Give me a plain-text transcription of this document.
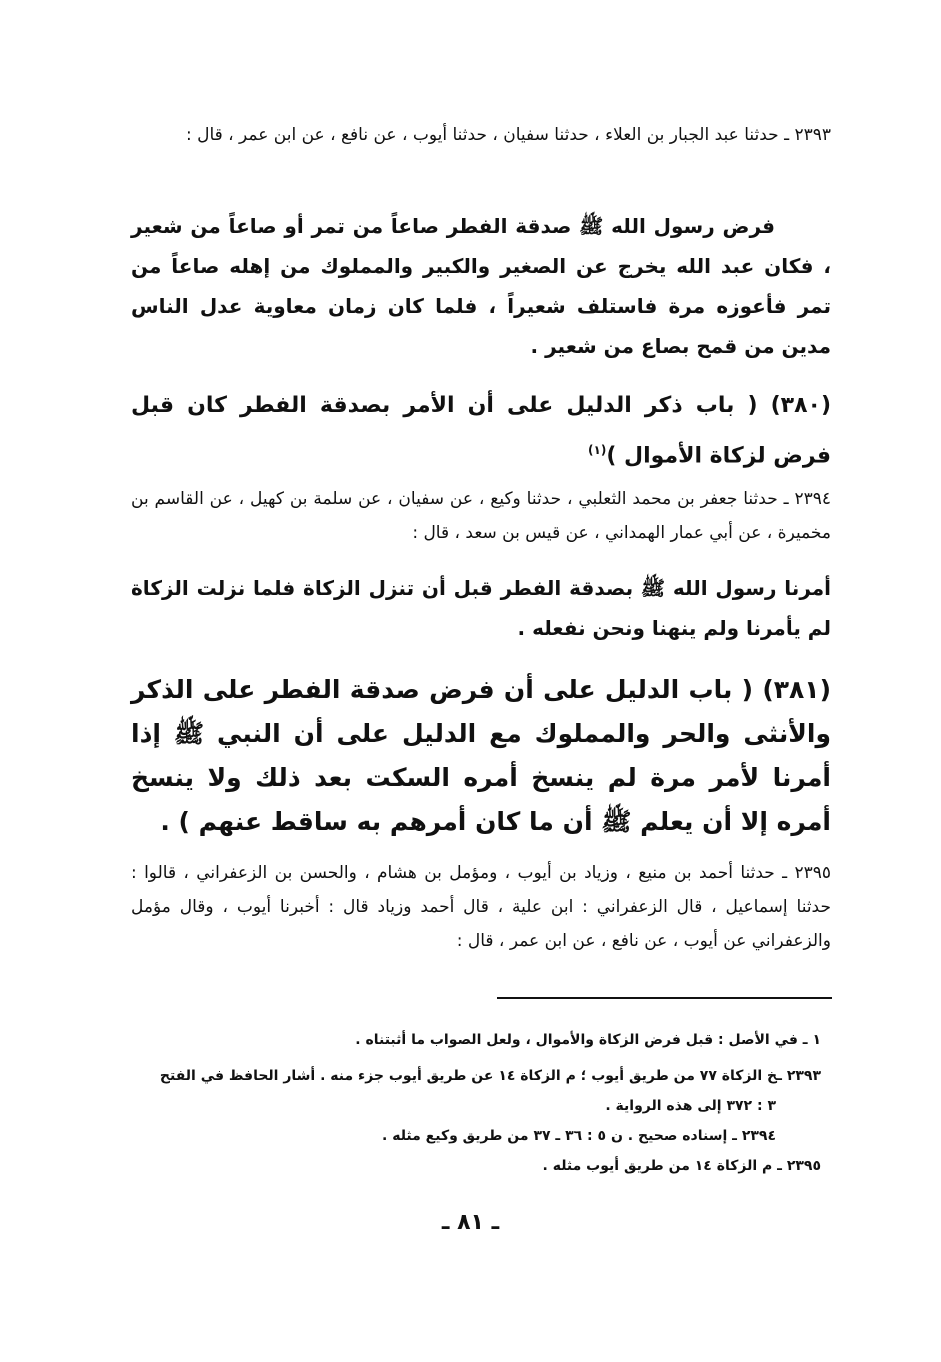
٢٣٩٣ ـ حدثنا عبد الجبار بن العلاء ، حدثنا سفيان ، حدثنا أيوب ، عن نافع ، عن ابن عمر ، قال :

فرض رسول الله ﷺ صدقة الفطر صاعاً من تمر أو صاعاً من شعير ، فكان عبد الله يخرج عن الصغير والكبير والمملوك من إهله صاعاً من تمر فأعوزه مرة فاستلف شعيراً ، فلما كان زمان معاوية عدل الناس مدين من قمح بصاع من شعير .

(٣٨٠) ( باب ذكر الدليل على أن الأمر بصدقة الفطر كان قبل فرض لزكاة الأموال )$^{(١)}$

٢٣٩٤ ـ حدثنا جعفر بن محمد الثعلبي ، حدثنا وكيع ، عن سفيان ، عن سلمة بن كهيل ، عن القاسم بن مخميرة ، عن أبي عمار الهمداني ، عن قيس بن سعد ، قال :

أمرنا رسول الله ﷺ بصدقة الفطر قبل أن تنزل الزكاة فلما نزلت الزكاة لم يأمرنا ولم ينهنا ونحن نفعله .

(٣٨١) ( باب الدليل على أن فرض صدقة الفطر على الذكر والأنثى والحر والمملوك مع الدليل على أن النبي ﷺ إذا أمرنا لأمر مرة لم ينسخ أمره السكت بعد ذلك ولا ينسخ أمره إلا أن يعلم ﷺ أن ما كان أمرهم به ساقط عنهم ) .

٢٣٩٥ ـ حدثنا أحمد بن منيع ، وزياد بن أيوب ، ومؤمل بن هشام ، والحسن بن الزعفراني ، قالوا : حدثنا إسماعيل ، قال الزعفراني : ابن علية ، قال أحمد وزياد قال : أخبرنا أيوب ، وقال مؤمل والزعفراني عن أيوب ، عن نافع ، عن ابن عمر ، قال :

١ ـ في الأصل : قبل فرض الزكاة والأموال ، ولعل الصواب ما أثبتناه .

٢٣٩٣ ـخ الزكاة ٧٧ من طريق أيوب ؛ م الزكاة ١٤ عن طريق أيوب جزء منه . أشار الحافظ في الفتح

٣ : ٣٧٢ إلى هذه الرواية .

٢٣٩٤ ـ إسناده صحيح . ن ٥ : ٣٦ ـ ٣٧ من طريق وكيع مثله .

٢٣٩٥ ـ م الزكاة ١٤ من طريق أيوب مثله .

ـ ٨١ ـ
